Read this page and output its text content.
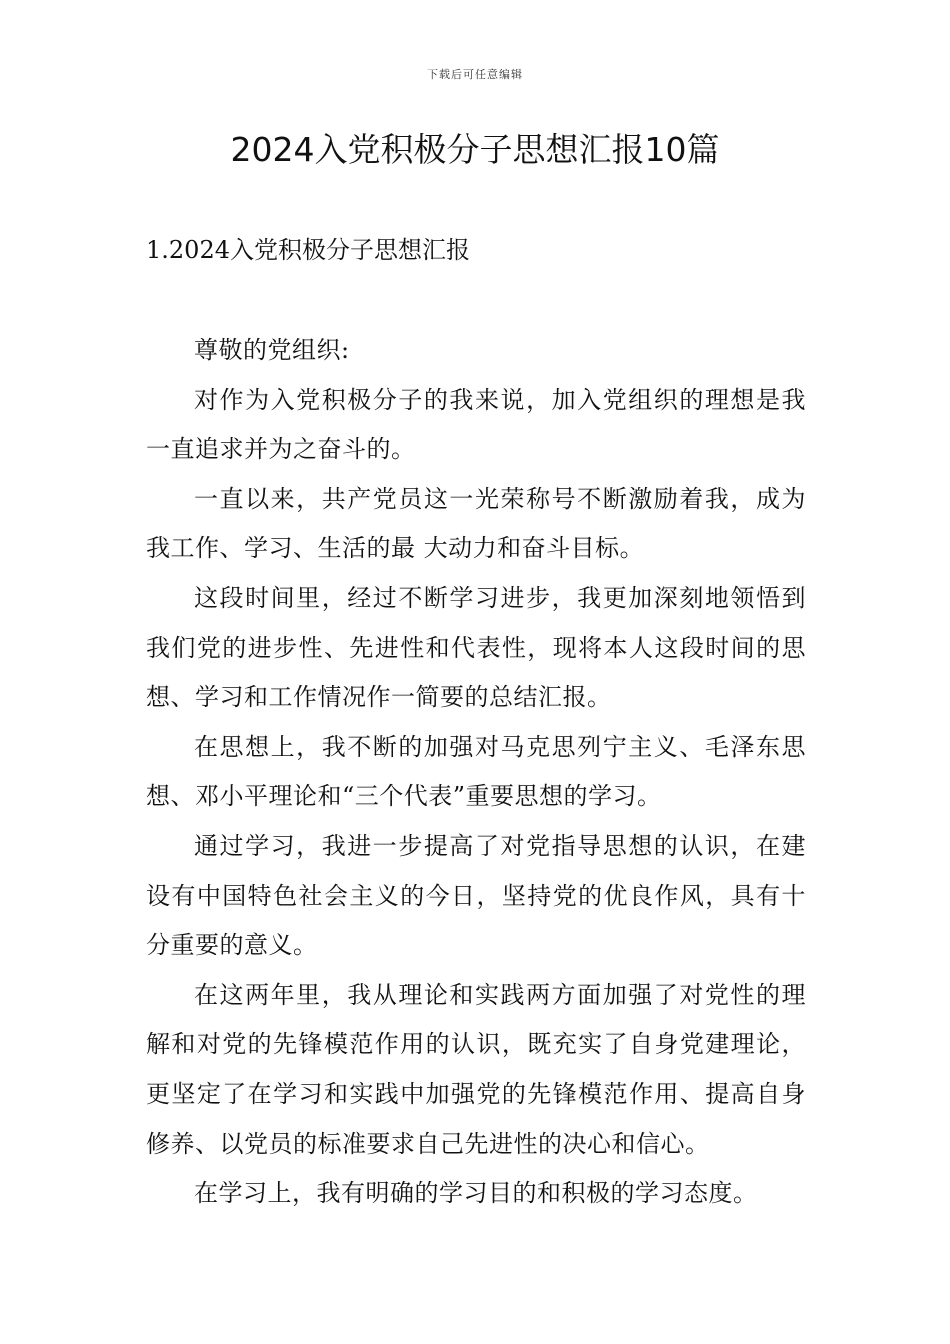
下载后可任意编辑
2024入党积极分子思想汇报10篇
1.2024入党积极分子思想汇报

尊敬的党组织:

对作为入党积极分子的我来说，加入党组织的理想是我一直追求并为之奋斗的。

一直以来，共产党员这一光荣称号不断激励着我，成为我工作、学习、生活的最 大动力和奋斗目标。

这段时间里，经过不断学习进步，我更加深刻地领悟到我们党的进步性、先进性和代表性，现将本人这段时间的思想、学习和工作情况作一简要的总结汇报。

在思想上，我不断的加强对马克思列宁主义、毛泽东思想、邓小平理论和“三个代表”重要思想的学习。

通过学习，我进一步提高了对党指导思想的认识，在建设有中国特色社会主义的今日，坚持党的优良作风，具有十分重要的意义。

在这两年里，我从理论和实践两方面加强了对党性的理解和对党的先锋模范作用的认识，既充实了自身党建理论，更坚定了在学习和实践中加强党的先锋模范作用、提高自身修养、以党员的标准要求自己先进性的决心和信心。

在学习上，我有明确的学习目的和积极的学习态度。
